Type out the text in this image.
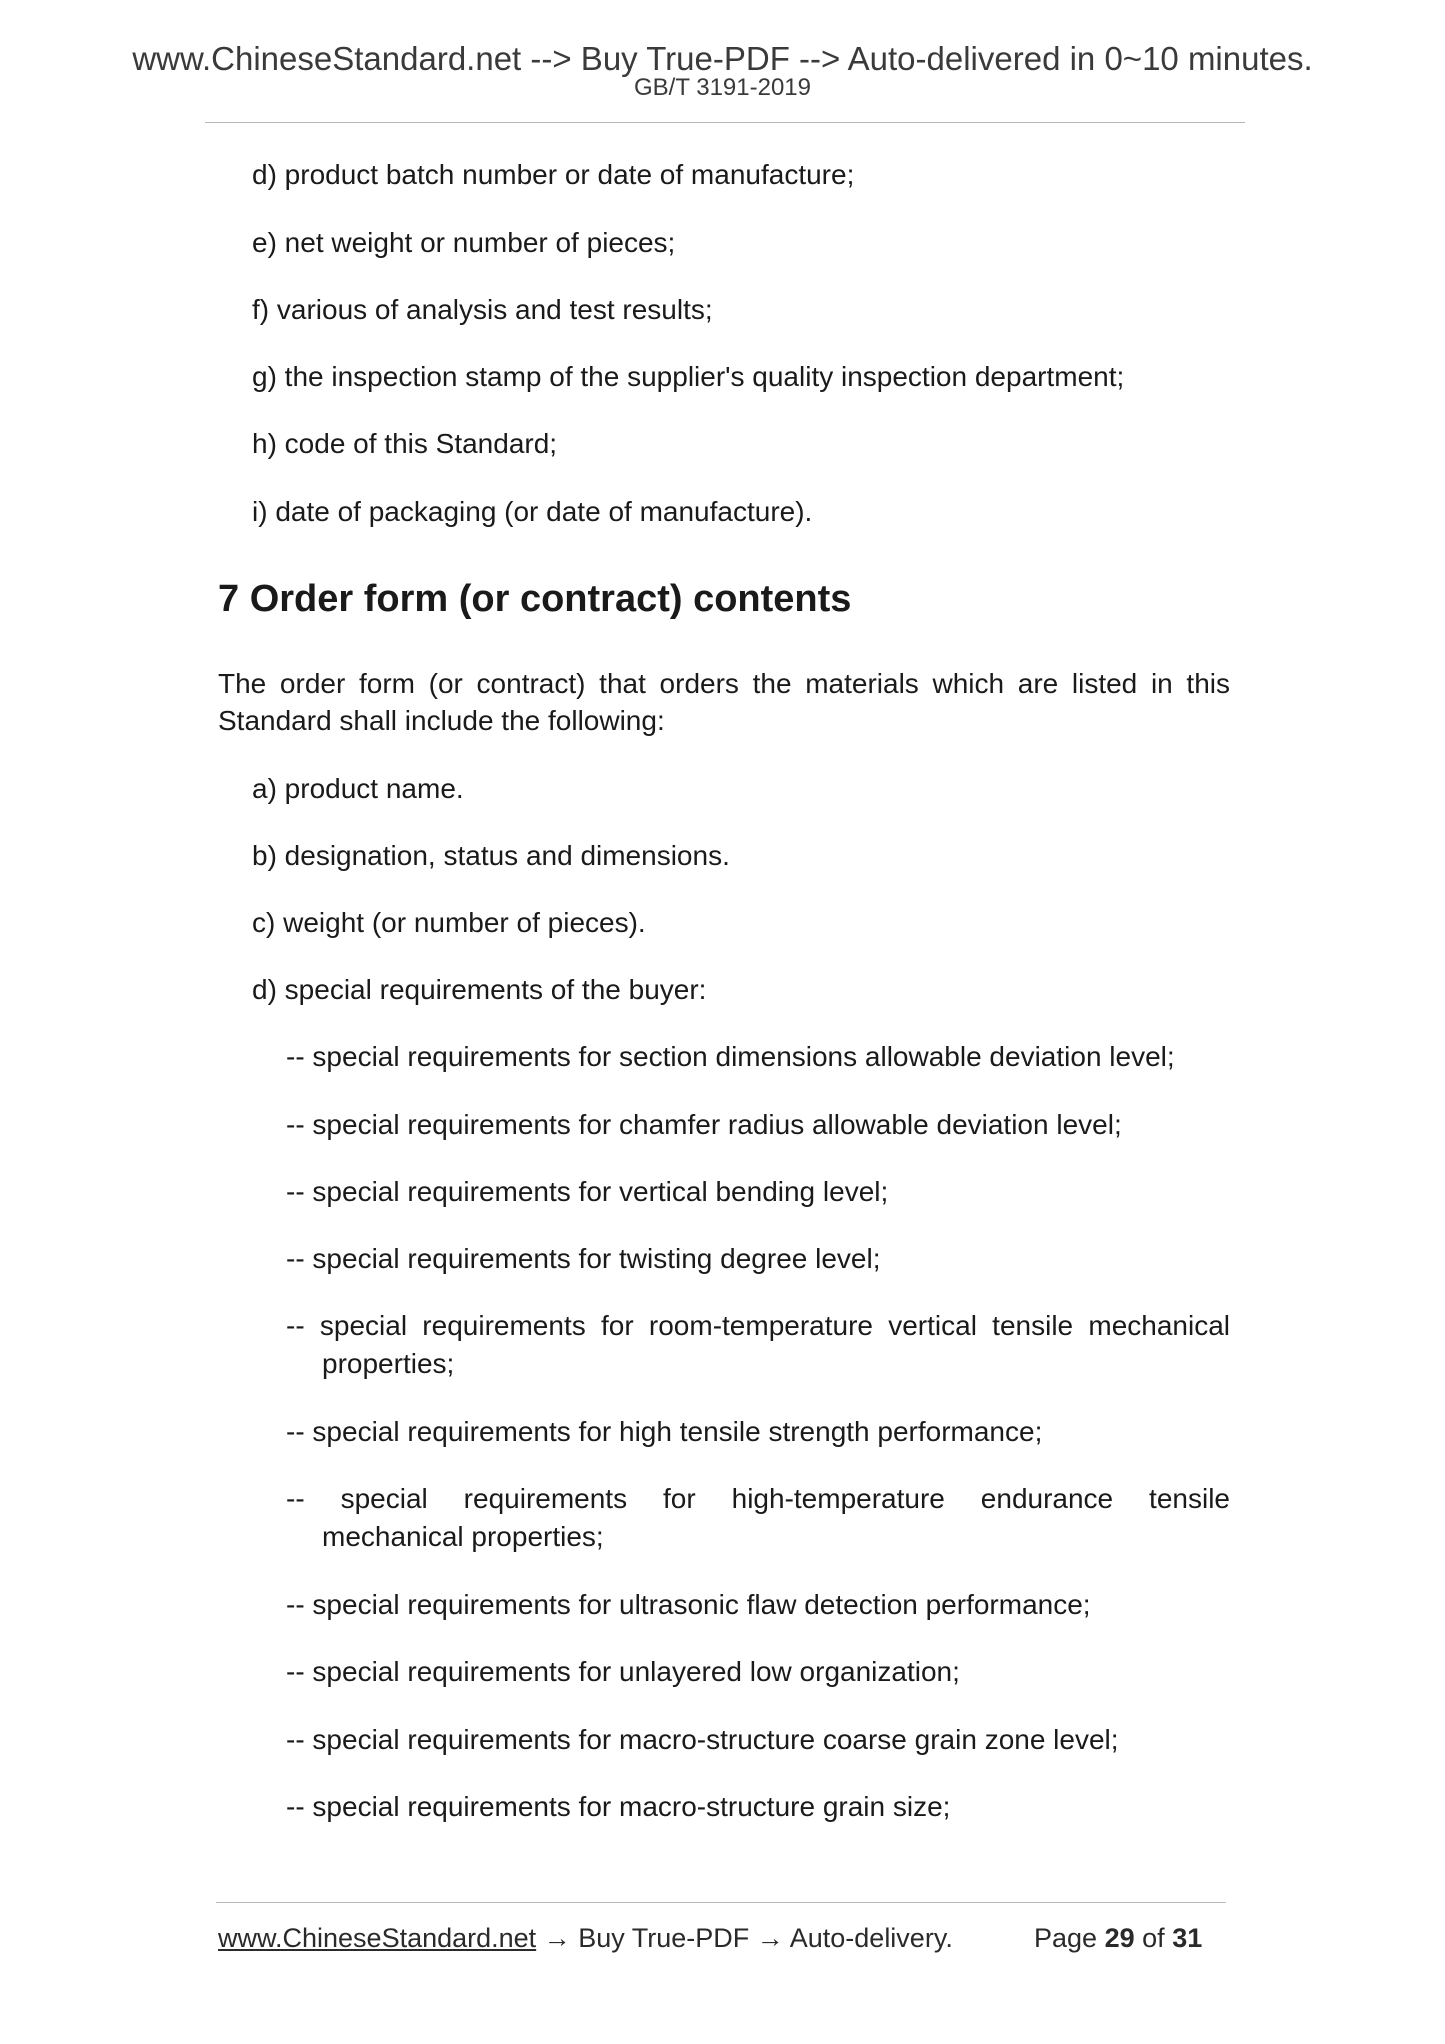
www.ChineseStandard.net --> Buy True-PDF --> Auto-delivered in 0~10 minutes.
GB/T 3191-2019
d) product batch number or date of manufacture;
e) net weight or number of pieces;
f) various of analysis and test results;
g) the inspection stamp of the supplier's quality inspection department;
h) code of this Standard;
i) date of packaging (or date of manufacture).
7 Order form (or contract) contents
The order form (or contract) that orders the materials which are listed in this
Standard shall include the following:
a) product name.
b) designation, status and dimensions.
c) weight (or number of pieces).
d) special requirements of the buyer:
-- special requirements for section dimensions allowable deviation level;
-- special requirements for chamfer radius allowable deviation level;
-- special requirements for vertical bending level;
-- special requirements for twisting degree level;
-- special requirements for room-temperature vertical tensile mechanical
properties;
-- special requirements for high tensile strength performance;
-- special requirements for high-temperature endurance tensile
mechanical properties;
-- special requirements for ultrasonic flaw detection performance;
-- special requirements for unlayered low organization;
-- special requirements for macro-structure coarse grain zone level;
-- special requirements for macro-structure grain size;
www.ChineseStandard.net → Buy True-PDF → Auto-delivery.	Page 29 of 31
